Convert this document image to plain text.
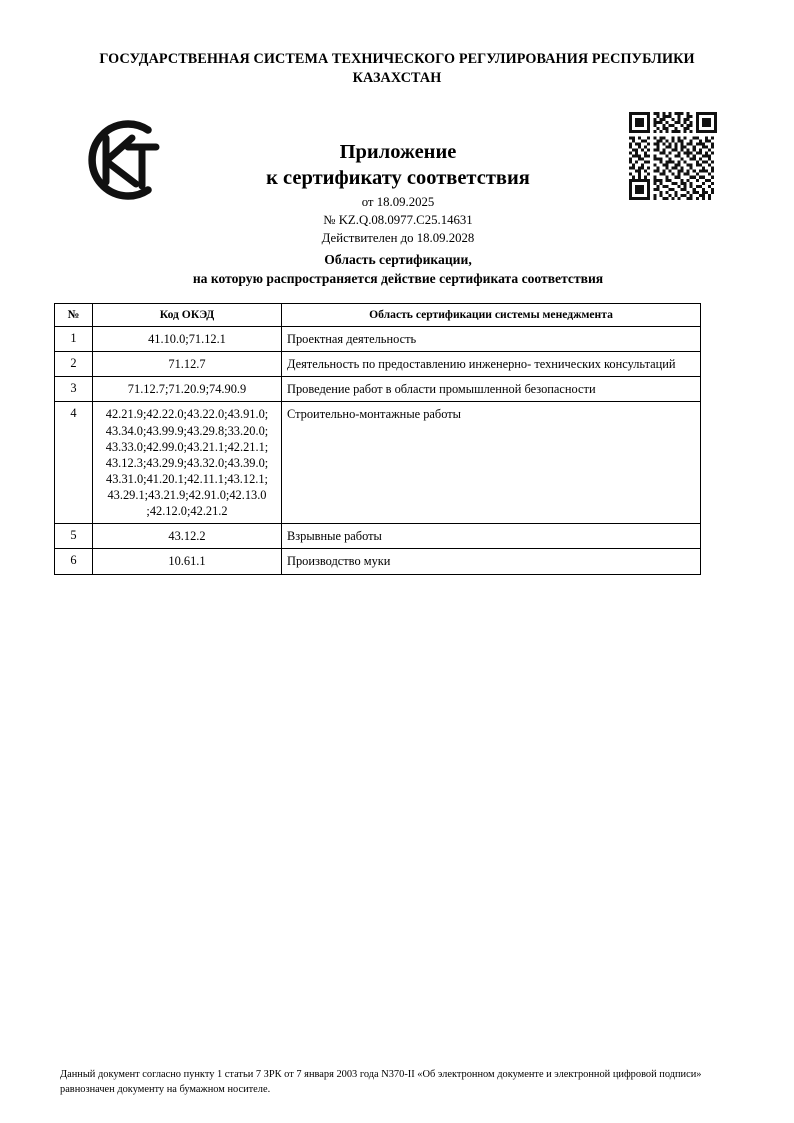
ГОСУДАРСТВЕННАЯ СИСТЕМА ТЕХНИЧЕСКОГО РЕГУЛИРОВАНИЯ РЕСПУБЛИКИ КАЗАХСТАН
Приложение
к сертификату соответствия
от 18.09.2025
№ KZ.Q.08.0977.C25.14631
Действителен до 18.09.2028
Область сертификации,
на которую распространяется действие сертификата соответствия
№	Код ОКЭД	Область сертификации системы менеджмента
1	41.10.0;71.12.1	Проектная деятельность
2	71.12.7	Деятельность по предоставлению инженерно- технических консультаций
3	71.12.7;71.20.9;74.90.9	Проведение работ в области промышленной безопасности
4	42.21.9;42.22.0;43.22.0;43.91.0; 43.34.0;43.99.9;43.29.8;33.20.0; 43.33.0;42.99.0;43.21.1;42.21.1; 43.12.3;43.29.9;43.32.0;43.39.0; 43.31.0;41.20.1;42.11.1;43.12.1; 43.29.1;43.21.9;42.91.0;42.13.0 ;42.12.0;42.21.2	Строительно-монтажные работы
5	43.12.2	Взрывные работы
6	10.61.1	Производство муки
Данный документ согласно пункту 1 статьи 7 ЗРК от 7 января 2003 года N370-II «Об электронном документе и электронной цифровой подписи» равнозначен документу на бумажном носителе.
